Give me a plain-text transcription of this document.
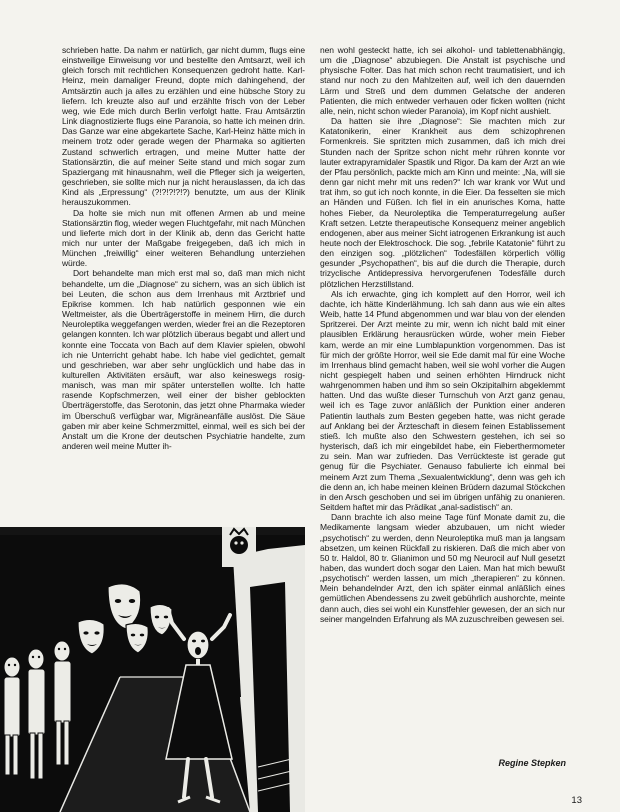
schrieben hatte. Da nahm er natürlich, gar nicht dumm, flugs eine einstweilige Einweisung vor und bestellte den Amtsarzt, weil ich gleich forsch mit rechtlichen Konsequenzen gedroht hatte. Karl-Heinz, mein damaliger Freund, dopte mich dahingehend, der Amtsärztin auch ja alles zu erzählen und eine hübsche Story zu liefern. Ich kreuzte also auf und erzählte frisch von der Leber weg, wie Ede mich durch Berlin verfolgt hatte. Frau Amtsärztin Link diagnostizierte flugs eine Paranoia, so hatte ich meinen drin. Das Ganze war eine abgekartete Sache, Karl-Heinz hätte mich in meinem trotz oder gerade wegen der Pharmaka so agitierten Zustand schwerlich ertragen, und meine Mutter hatte der Stationsärztin, die auf meiner Seite stand und mich sogar zum Spaziergang mit hinausnahm, weil die Pfleger sich ja weigerten, geschrieben, sie sollte mich nur ja nicht herauslassen, da ich das Kind als „Erpressung“ (?!?!?!?!?) benutzte, um aus der Klinik herauszukommen.

Da holte sie mich nun mit offenen Armen ab und meine Stationsärztin flog, wieder wegen Fluchtgefahr, mit nach München und lieferte mich dort in der Klinik ab, denn das Gericht hatte mich nur unter der Maßgabe freigegeben, daß ich mich in München „freiwillig“ einer weiteren Behandlung unterziehen würde.

Dort behandelte man mich erst mal so, daß man mich nicht behandelte, um die „Diagnose“ zu sichern, was an sich üblich ist bei Leuten, die schon aus dem Irrenhaus mit Arztbrief und Epikrise kommen. Ich hab natürlich gesponnen wie ein Weltmeister, als die Überträgerstoffe in meinem Hirn, die durch Neuroleptika weggefangen werden, wieder frei an die Rezeptoren gelangen konnten. Ich war plötzlich überaus begabt und allert und konnte eine Toccata von Bach auf dem Klavier spielen, obwohl ich nie Unterricht gehabt habe. Ich habe viel gedichtet, gemalt und geschrieben, war aber sehr unglücklich und habe das in kulturellen Aktivitäten ersäuft, war also keineswegs rosig-manisch, was man mir später unterstellen wollte. Ich hatte rasende Kopfschmerzen, weil einer der bisher geblockten Überträgerstoffe, das Serotonin, das jetzt ohne Pharmaka wieder im Überschuß verfügbar war, Migräneanfälle auslöst. Die Säue gaben mir aber keine Schmerzmittel, einmal, weil es sich bei der Anstalt um die Krone der deutschen Psychiatrie handelte, zum anderen weil meine Mutter ih-

nen wohl gesteckt hatte, ich sei alkohol- und tablettenabhängig, um die „Diagnose“ abzubiegen. Die Anstalt ist psychische und physische Folter. Das hat mich schon recht traumatisiert, und ich stand nur noch zu den Mahlzeiten auf, weil ich den dauernden Lärm und Streß und dem dummen Gelatsche der anderen Patienten, die mich entweder verhauen oder ficken wollten (nicht alle, nein, nicht schon wieder Paranoia), im Kopf nicht aushielt.

Da hatten sie ihre „Diagnose“: Sie machten mich zur Katatonikerin, einer Krankheit aus dem schizophrenen Formenkreis. Sie spritzten mich zusammen, daß ich mich drei Stunden nach der Spritze schon nicht mehr rühren konnte vor lauter extrapyramidaler Spastik und Rigor. Da kam der Arzt an wie der Pfau persönlich, packte mich am Kinn und meinte: „Na, will sie denn gar nicht mehr mit uns reden?“ Ich war krank vor Wut und trat ihm, so gut ich noch konnte, in die Eier. Da fesselten sie mich an Händen und Füßen. Ich fiel in ein anurisches Koma, hatte hohes Fieber, da Neuroleptika die Temperaturregelung außer Kraft setzen. Letzte therapeutische Konsequenz meiner angeblich endogenen, aber aus meiner Sicht iatrogenen Erkrankung ist auch heute noch der Elektroschock. Die sog. „febrile Katatonie“ führt zu den einzigen sog. „plötzlichen“ Todesfällen körperlich völlig gesunder „Psychopathen“, bis auf die durch die Therapie, durch trizyclische Antidepressiva hervorgerufenen Todesfälle durch plötzlichen Herzstillstand.

Als ich erwachte, ging ich komplett auf den Horror, weil ich dachte, ich hätte Kinderlähmung. Ich sah dann aus wie ein altes Weib, hatte 14 Pfund abgenommen und war blau von der elenden Spritzerei. Der Arzt meinte zu mir, wenn ich nicht bald mit einer plausiblen Erklärung herausrücken würde, woher mein Fieber kam, werde an mir eine Lumblapunktion vorgenommen. Das ist für mich der größte Horror, weil sie Ede damit mal für eine Woche im Irrenhaus blind gemacht haben, weil sie wohl vorher die Augen nicht gespiegelt haben und seinen erhöhten Hirndruck nicht wahrgenommen haben und ihm so sein Okzipitalhirn abgeklemmt hatten. Und das wußte dieser Turnschuh von Arzt ganz genau, weil ich es Tage zuvor anläßlich der Punktion einer anderen Patientin lauthals zum Besten gegeben hatte, was nicht gerade auf Anklang bei der Ärzteschaft in diesem feinen Establissement stieß. Ich mußte also den Schwestern gestehen, ich sei so hysterisch, daß ich mir eingebildet habe, ein Fieberthermometer zu sein. Man war zufrieden. Das Verrückteste ist gerade gut genug für die Psychiater. Genauso fabulierte ich einmal bei meinem Arzt zum Thema „Sexualentwicklung“, denn was geh ich die denn an, ich habe meinen kleinen Brüdern dazumal Stöckchen in den Arsch geschoben und sei im übrigen unfähig zu onanieren. Seitdem haftet mir das Prädikat „anal-sadistisch“ an.

Dann brachte ich also meine Tage fünf Monate damit zu, die Medikamente langsam wieder abzubauen, um nicht wieder „psychotisch“ zu werden, denn Neuroleptika muß man ja langsam absetzen, um keinen Rückfall zu riskieren. Daß die mich aber von 50 tr. Haldol, 80 tr. Glianimon und 50 mg Neurocil auf Null gesetzt haben, das wundert doch sogar den Laien. Man hat mich bewußt „psychotisch“ werden lassen, um mich „therapieren“ zu können. Mein behandelnder Arzt, den ich später einmal anläßlich eines gemütlichen Abendessens zu zweit gebührlich aushorchte, meinte dann auch, dies sei wohl ein Kunstfehler gewesen, der an sich nur seiner mangelnden Erfahrung als MA zuzuschreiben gewesen sei.

Regine Stepken
13
